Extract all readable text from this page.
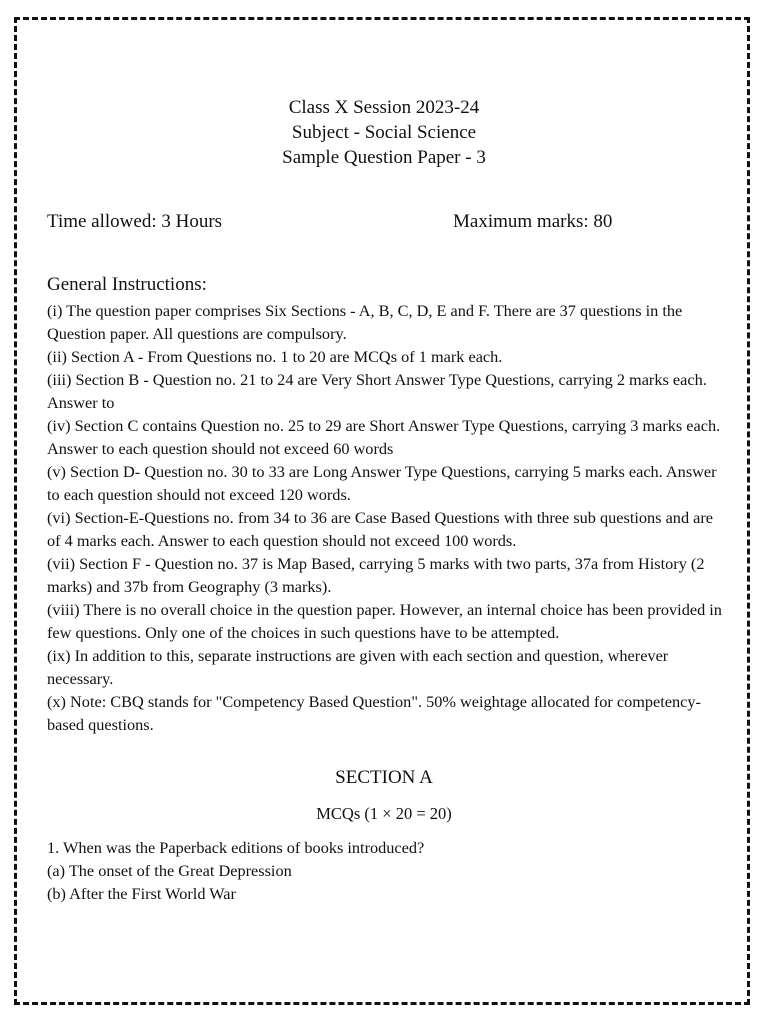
Class X Session 2023-24
Subject - Social Science
Sample Question Paper - 3
Time allowed: 3 Hours	Maximum marks: 80
General Instructions:

(i) The question paper comprises Six Sections - A, B, C, D, E and F. There are 37 questions in the Question paper. All questions are compulsory.

(ii) Section A - From Questions no. 1 to 20 are MCQs of 1 mark each.

(iii) Section B - Question no. 21 to 24 are Very Short Answer Type Questions, carrying 2 marks each. Answer to

(iv) Section C contains Question no. 25 to 29 are Short Answer Type Questions, carrying 3 marks each. Answer to each question should not exceed 60 words

(v) Section D- Question no. 30 to 33 are Long Answer Type Questions, carrying 5 marks each. Answer to each question should not exceed 120 words.

(vi) Section-E-Questions no. from 34 to 36 are Case Based Questions with three sub questions and are of 4 marks each. Answer to each question should not exceed 100 words.

(vii) Section F - Question no. 37 is Map Based, carrying 5 marks with two parts, 37a from History (2 marks) and 37b from Geography (3 marks).

(viii) There is no overall choice in the question paper. However, an internal choice has been provided in few questions. Only one of the choices in such questions have to be attempted.

(ix) In addition to this, separate instructions are given with each section and question, wherever necessary.

(x) Note: CBQ stands for "Competency Based Question". 50% weightage allocated for competency-based questions.

SECTION A
MCQs (1 × 20 = 20)

1. When was the Paperback editions of books introduced?

(a) The onset of the Great Depression

(b) After the First World War
